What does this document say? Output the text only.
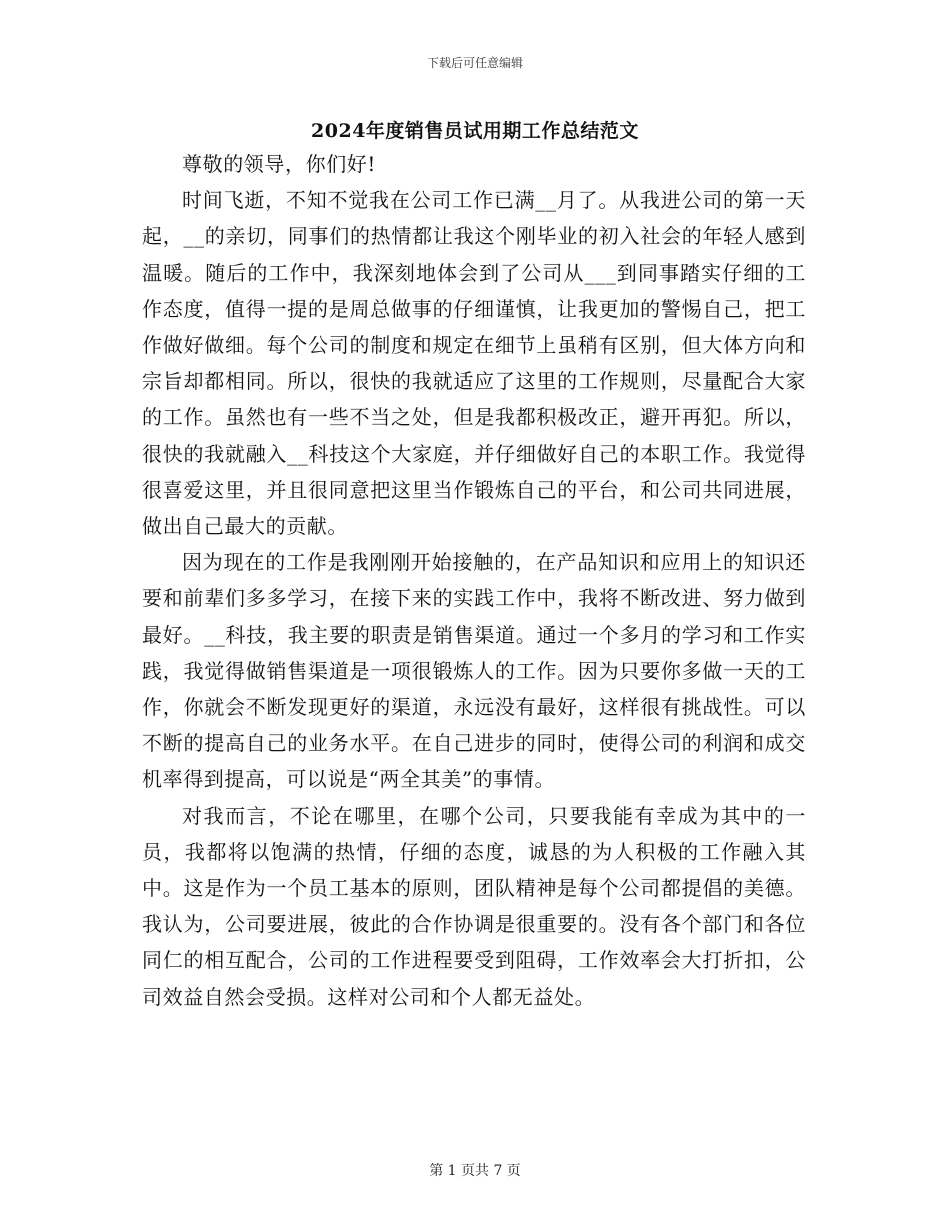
下载后可任意编辑
2024年度销售员试用期工作总结范文

尊敬的领导，你们好!

时间飞逝，不知不觉我在公司工作已满__月了。从我进公司的第一天起，__的亲切，同事们的热情都让我这个刚毕业的初入社会的年轻人感到温暖。随后的工作中，我深刻地体会到了公司从___到同事踏实仔细的工作态度，值得一提的是周总做事的仔细谨慎，让我更加的警惕自己，把工作做好做细。每个公司的制度和规定在细节上虽稍有区别，但大体方向和宗旨却都相同。所以，很快的我就适应了这里的工作规则，尽量配合大家的工作。虽然也有一些不当之处，但是我都积极改正，避开再犯。所以，很快的我就融入__科技这个大家庭，并仔细做好自己的本职工作。我觉得很喜爱这里，并且很同意把这里当作锻炼自己的平台，和公司共同进展，做出自己最大的贡献。

因为现在的工作是我刚刚开始接触的，在产品知识和应用上的知识还要和前辈们多多学习，在接下来的实践工作中，我将不断改进、努力做到最好。__科技，我主要的职责是销售渠道。通过一个多月的学习和工作实践，我觉得做销售渠道是一项很锻炼人的工作。因为只要你多做一天的工作，你就会不断发现更好的渠道，永远没有最好，这样很有挑战性。可以不断的提高自己的业务水平。在自己进步的同时，使得公司的利润和成交机率得到提高，可以说是“两全其美”的事情。

对我而言，不论在哪里，在哪个公司，只要我能有幸成为其中的一员，我都将以饱满的热情，仔细的态度，诚恳的为人积极的工作融入其中。这是作为一个员工基本的原则，团队精神是每个公司都提倡的美德。我认为，公司要进展，彼此的合作协调是很重要的。没有各个部门和各位同仁的相互配合，公司的工作进程要受到阻碍，工作效率会大打折扣，公司效益自然会受损。这样对公司和个人都无益处。

第 1 页共 7 页
